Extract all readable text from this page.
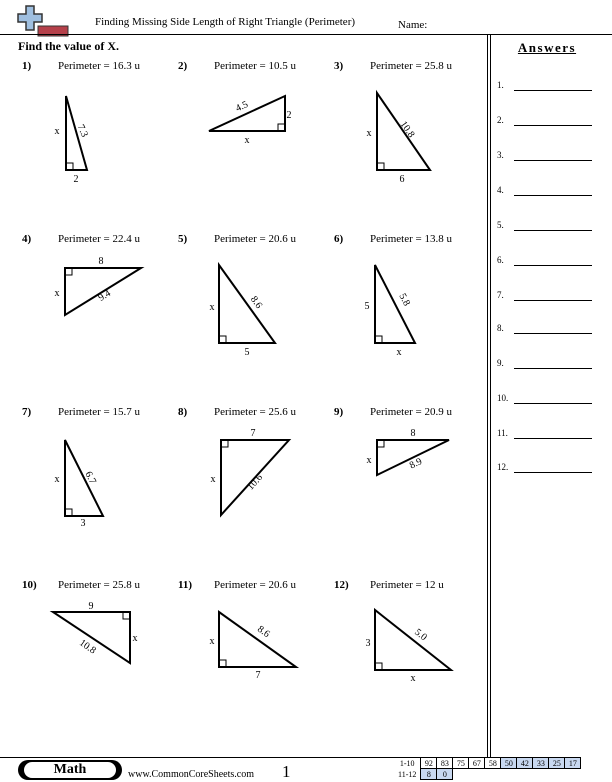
Finding Missing Side Length of Right Triangle (Perimeter)	Name:
Find the value of X.	Answers
1.
2.
3.
4.
5.
6.
7.
8.
9.
10.
11.
12.
1) Perimeter = 16.3 u
x 7.3
2
2) Perimeter = 10.5 u
4.5
2
x
3) Perimeter = 25.8 u
x	10.8
6
4) Perimeter = 22.4 u
8
x	9.4
5) Perimeter = 20.6 u
x	8.6
5
6) Perimeter = 13.8 u
5	5.8
x
7) Perimeter = 15.7 u
x 6.7
3
8) Perimeter = 25.6 u
7
x	10.6
9) Perimeter = 20.9 u
8
x	8.9
10) Perimeter = 25.8 u
9
x
10.8
11) Perimeter = 20.6 u
x
8.6
7
12) Perimeter = 12 u
3
5.0
x
Math	www.CommonCoreSheets.com 1	1-10	92	83	75	67	58	50	42	33	25	17
11-12	8	0								
